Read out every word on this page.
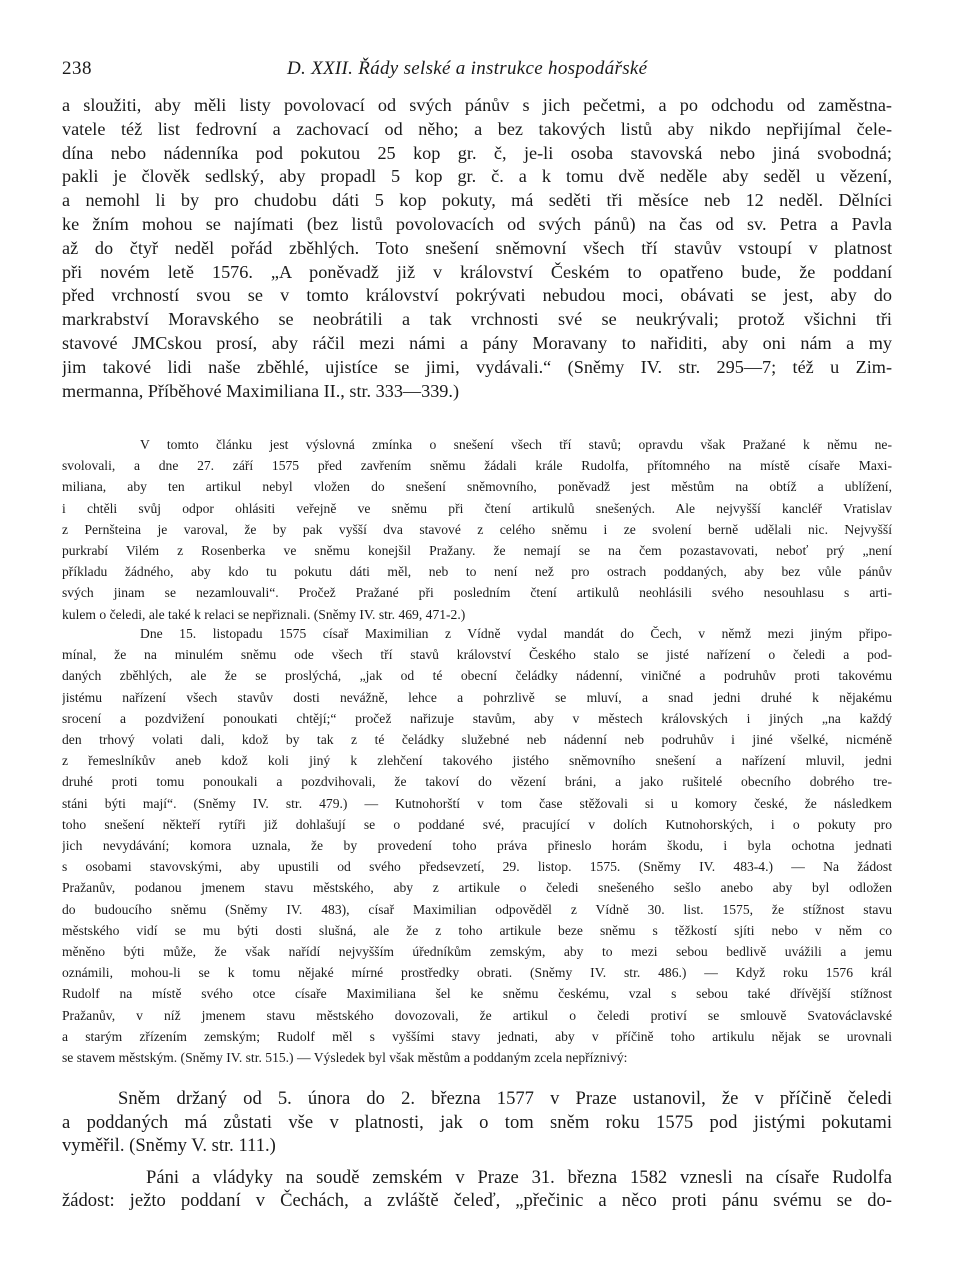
238	D. XXII. Řády selské a instrukce hospodářské
a sloužiti, aby měli listy povolovací od svých pánův s jich pečetmi, a po odchodu od zaměstna-
vatele též list fedrovní a zachovací od něho; a bez takových listů aby nikdo nepřijímal čele-
dína nebo nádenníka pod pokutou 25 kop gr. č, je-li osoba stavovská nebo jiná svobodná;
pakli je člověk sedlský, aby propadl 5 kop gr. č. a k tomu dvě neděle aby seděl u vězení,
a nemohl li by pro chudobu dáti 5 kop pokuty, má seděti tři měsíce neb 12 neděl. Dělníci
ke žním mohou se najímati (bez listů povolovacích od svých pánů) na čas od sv. Petra a Pavla
až do čtyř neděl pořád zběhlých. Toto snešení sněmovní všech tří stavův vstoupí v platnost
při novém letě 1576. „A poněvadž již v království Českém to opatřeno bude, že poddaní
před vrchností svou se v tomto království pokrývati nebudou moci, obávati se jest, aby do
markrabství Moravského se neobrátili a tak vrchnosti své se neukrývali; protož všichni tři
stavové JMCskou prosí, aby ráčil mezi námi a pány Moravany to nařiditi, aby oni nám a my
jim takové lidi naše zběhlé, ujistíce se jimi, vydávali.“ (Sněmy IV. str. 295—7; též u Zim-
mermanna, Příběhové Maximiliana II., str. 333—339.)
V tomto článku jest výslovná zmínka o snešení všech tří stavů; opravdu však Pražané k němu ne-
svolovali, a dne 27. září 1575 před zavřením sněmu žádali krále Rudolfa, přítomného na místě císaře Maxi-
miliana, aby ten artikul nebyl vložen do snešení sněmovního, poněvadž jest městům na obtíž a ublížení,
i chtěli svůj odpor ohlásiti veřejně ve sněmu při čtení artikulů snešených. Ale nejvyšší kancléř Vratislav
z Pernšteina je varoval, že by pak vyšší dva stavové z celého sněmu i ze svolení berně udělali nic. Nejvyšší
purkrabí Vilém z Rosenberka ve sněmu konejšil Pražany. že nemají se na čem pozastavovati, neboť prý „není
příkladu žádného, aby kdo tu pokutu dáti měl, neb to není než pro ostrach poddaných, aby bez vůle pánův
svých jinam se nezamlouvali“. Pročež Pražané při posledním čtení artikulů neohlásili svého nesouhlasu s arti-
kulem o čeledi, ale také k relaci se nepřiznali. (Sněmy IV. str. 469, 471-2.)
Dne 15. listopadu 1575 císař Maximilian z Vídně vydal mandát do Čech, v němž mezi jiným připo-
mínal, že na minulém sněmu ode všech tří stavů království Českého stalo se jisté nařízení o čeledi a pod-
daných zběhlých, ale že se proslýchá, „jak od té obecní čeládky nádenní, viničné a podruhův proti takovému
jistému nařízení všech stavův dosti nevážně, lehce a pohrzlivě se mluví, a snad jedni druhé k nějakému
srocení a pozdvižení ponoukati chtějí;“ pročež nařizuje stavům, aby v městech královských i jiných „na každý
den trhový volati dali, kdož by tak z té čeládky služebné neb nádenní neb podruhův i jiné všelké, nicméně
z řemeslníkův aneb kdož koli jiný k zlehčení takového jistého sněmovního snešení a nařízení mluvil, jedni
druhé proti tomu ponoukali a pozdvihovali, že takoví do vězení bráni, a jako rušitelé obecního dobrého tre-
stáni býti mají“. (Sněmy IV. str. 479.) — Kutnohorští v tom čase stěžovali si u komory české, že následkem
toho snešení někteří rytíři již dohlašují se o poddané své, pracující v dolích Kutnohorských, i o pokuty pro
jich nevydávání; komora uznala, že by provedení toho práva přineslo horám škodu, i byla ochotna jednati
s osobami stavovskými, aby upustili od svého předsevzetí, 29. listop. 1575. (Sněmy IV. 483-4.) — Na žádost
Pražanův, podanou jmenem stavu městského, aby z artikule o čeledi snešeného sešlo anebo aby byl odložen
do budoucího sněmu (Sněmy IV. 483), císař Maximilian odpověděl z Vídně 30. list. 1575, že stížnost stavu
městského vidí se mu býti dosti slušná, ale že z toho artikule beze sněmu s těžkostí sjíti nebo v něm co
měněno býti může, že však nařídí nejvyšším úředníkům zemským, aby to mezi sebou bedlivě uvážili a jemu
oznámili, mohou-li se k tomu nějaké mírné prostředky obrati. (Sněmy IV. str. 486.) — Když roku 1576 král
Rudolf na místě svého otce císaře Maximiliana šel ke sněmu českému, vzal s sebou také dřívější stížnost
Pražanův, v níž jmenem stavu městského dovozovali, že artikul o čeledi protiví se smlouvě Svatováclavské
a starým zřízením zemským; Rudolf měl s vyššími stavy jednati, aby v příčině toho artikulu nějak se urovnali
se stavem městským. (Sněmy IV. str. 515.) — Výsledek byl však městům a poddaným zcela nepříznivý:
Sněm držaný od 5. února do 2. března 1577 v Praze ustanovil, že v příčině čeledi
a poddaných má zůstati vše v platnosti, jak o tom sněm roku 1575 pod jistými pokutami
vyměřil. (Sněmy V. str. 111.)
Páni a vládyky na soudě zemském v Praze 31. března 1582 vznesli na císaře Rudolfa
žádost: ježto poddaní v Čechách, a zvláště čeleď, „přečinic a něco proti pánu svému se do-
